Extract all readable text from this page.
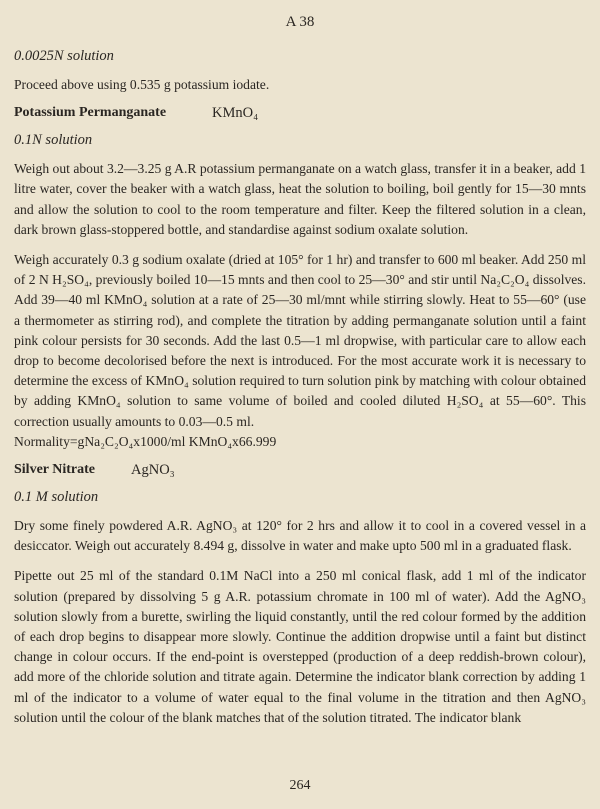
A 38
0.0025N solution

Proceed above using 0.535 g potassium iodate.

Potassium Permanganate	KMnO₄
0.1N solution

Weigh out about 3.2—3.25 g A.R potassium permanganate on a watch glass, transfer it in a beaker, add 1 litre water, cover the beaker with a watch glass, heat the solution to boiling, boil gently for 15—30 mnts and allow the solution to cool to the room temperature and filter. Keep the filtered solution in a clean, dark brown glass-stoppered bottle, and standardise against sodium oxalate solution.

Weigh accurately 0.3 g sodium oxalate (dried at 105° for 1 hr) and transfer to 600 ml beaker. Add 250 ml of 2 N H₂SO₄, previously boiled 10—15 mnts and then cool to 25—30° and stir until Na₂C₂O₄ dissolves. Add 39—40 ml KMnO₄ solution at a rate of 25—30 ml/mnt while stirring slowly. Heat to 55—60° (use a thermometer as stirring rod), and complete the titration by adding permanganate solution until a faint pink colour persists for 30 seconds. Add the last 0.5—1 ml dropwise, with particular care to allow each drop to become decolorised before the next is introduced. For the most accurate work it is necessary to determine the excess of KMnO₄ solution required to turn solution pink by matching with colour obtained by adding KMnO₄ solution to same volume of boiled and cooled diluted H₂SO₄ at 55—60°. This correction usually amounts to 0.03—0.5 ml.

Normality=gNa₂C₂O₄x1000/ml KMnO₄x66.999

Silver Nitrate AgNO₃
0.1 M solution

Dry some finely powdered A.R. AgNO₃ at 120° for 2 hrs and allow it to cool in a covered vessel in a desiccator. Weigh out accurately 8.494 g, dissolve in water and make upto 500 ml in a graduated flask.

Pipette out 25 ml of the standard 0.1M NaCl into a 250 ml conical flask, add 1 ml of the indicator solution (prepared by dissolving 5 g A.R. potassium chromate in 100 ml of water). Add the AgNO₃ solution slowly from a burette, swirling the liquid constantly, until the red colour formed by the addition of each drop begins to disappear more slowly. Continue the addition dropwise until a faint but distinct change in colour occurs. If the end-point is overstepped (production of a deep reddish-brown colour), add more of the chloride solution and titrate again. Determine the indicator blank correction by adding 1 ml of the indicator to a volume of water equal to the final volume in the titration and then AgNO₃ solution until the colour of the blank matches that of the solution titrated. The indicator blank

264
